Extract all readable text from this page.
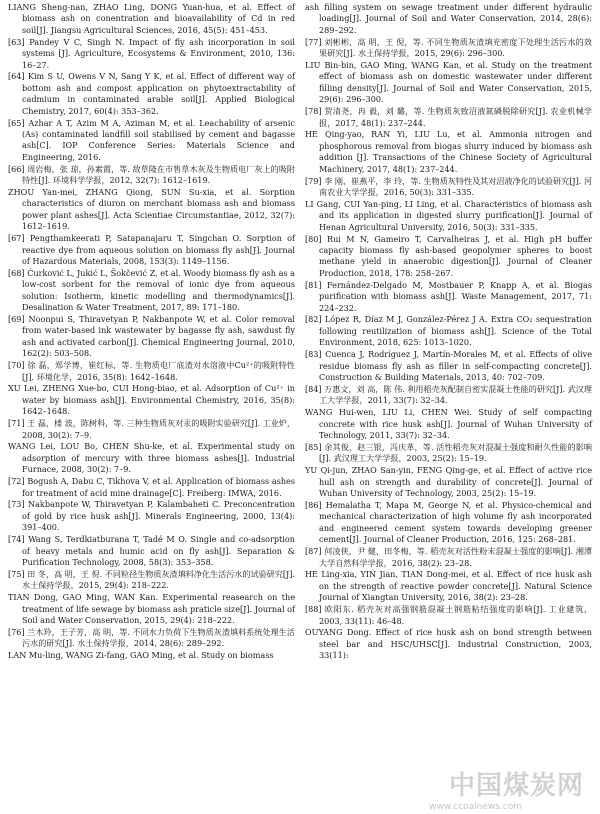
LIANG Sheng-nan, ZHAO Ling, DONG Yuan-hua, et al. Effect of biomass ash on conentration and bioavailability of Cd in red soil[J]. Jiangsu Agricultural Sciences, 2016, 45(5): 451–453.

[63] Pandey V C, Singh N. Impact of fly ash incorporation in soil systems [J]. Agriculture, Ecosystems & Environment, 2010, 136: 16–27.

[64] Kim S U, Owens V N, Sang Y K, et al. Effect of different way of bottom ash and compost application on phytoextractability of cadmium in contaminated arable soil[J]. Applied Biological Chemistry, 2017, 60(4): 353–362.

[65] Azhar A T, Azim M A, Aziman M, et al. Leachability of arsenic (As) contaminated landfill soil stabilised by cement and bagasse ash[C]. IOP Conference Series: Materials Science and Engineering, 2016.

[66] 周岩梅，张 琼，孙素霞，等. 敌草隆在市售草木灰及生物质电厂灰上的吸附特性[J]. 环境科学学报，2012, 32(7): 1612–1619.

ZHOU Yan-mei, ZHANG Qiong, SUN Su-xia, et al. Sorption characteristics of diuron on merchant biomass ash and biomass power plant ashes[J]. Acta Scientiae Circumstantiae, 2012, 32(7): 1612–1619.

[67] Pengthamkeerati P, Satapanajaru T, Singchan O. Sorption of reactive dye from aqueous solution on biomass fly ash[J]. Journal of Hazardous Materials, 2008, 153(3): 1149–1156.

[68] Ćurković L, Jukić L, Šokčević Z, et al. Woody biomass fly ash as a low-cost sorbent for the removal of ionic dye from aqueous solution: Isotherm, kinetic modelling and thermodynamics[J]. Desalination & Water Treatment, 2017, 89: 171–180.

[69] Noonpui S, Thiravetyan P, Nakbanpote W, et al. Color removal from water-based ink wastewater by bagasse fly ash, sawdust fly ash and activated carbon[J]. Chemical Engineering Journal, 2010, 162(2): 503–508.

[70] 徐 磊，郑学博，崔红标，等. 生物质电厂底渣对水溶液中Cu²⁺的吸附特性[J]. 环境化学，2016, 35(8): 1642–1648.

XU Lei, ZHENG Xue-bo, CUI Hong-biao, et al. Adsorption of Cu²⁺ in water by biomass ash[J]. Environmental Chemistry, 2016, 35(8): 1642–1648.

[71] 王 磊，楼 波，陈树科，等. 三种生物质灰对汞的吸附实验研究[J]. 工业炉，2008, 30(2): 7–9.

WANG Lei, LOU Bo, CHEN Shu-ke, et al. Experimental study on adsorption of mercury with three biomass ashes[J]. Industrial Furnace, 2008, 30(2): 7–9.

[72] Bogush A, Dabu C, Tikhova V, et al. Application of biomass ashes for treatment of acid mine drainage[C]. Freiberg: IMWA, 2016.

[73] Nakbanpote W, Thiravetyan P, Kalambaheti C. Preconcentration of gold by rice husk ash[J]. Minerals Engineering, 2000, 13(4): 391–400.

[74] Wang S, Terdkiatburana T, Tadé M O. Single and co-adsorption of heavy metals and humic acid on fly ash[J]. Separation & Purification Technology, 2008, 58(3): 353–358.

[75] 田 冬，高 明，王 倪. 不同粒径生物质灰渣填料净化生活污水的试验研究[J]. 水土保持学报，2015, 29(4): 218–222.

TIAN Dong, GAO Ming, WAN Kan. Experimental reasearch on the treatment of life sewage by biomass ash praticle size[J]. Journal of Soil and Water Conservation, 2015, 29(4): 218–222.

[76] 兰木羚，王子芳，高 明，等. 不同水力负荷下生物质灰渣填料系统处理生活污水的研究[J]. 水土保持学报，2014, 28(6): 289–292.

LAN Mu-ling, WANG Zi-fang, GAO Ming, et al. Study on biomass

ash filling system on sewage treatment under different hydraulic loading[J]. Journal of Soil and Water Conservation, 2014, 28(6): 289–292.

[77] 刘彬彬，高 明，王 倪，等. 不同生物质灰渣填充密度下处理生活污水的效果研究[J]. 水土保持学报，2015, 29(6): 296–300.

LIU Bin-bin, GAO Ming, WANG Kan, et al. Study on the treatment effect of biomass ash on domestic wastewater under different filling density[J]. Journal of Soil and Water Conservation, 2015, 29(6): 296–300.

[78] 贺清尧，冉 毅，刘 璐，等. 生物质灰致沼液氮磷脱除研究[J]. 农业机械学报，2017, 48(1): 237–244.

HE Qing-yao, RAN Yi, LIU Lu, et al. Ammonia nitrogen and phosphorous removal from biogas slurry induced by biomass ash addition [J]. Transactions of the Chinese Society of Agricultural Machinery, 2017, 48(1): 237–244.

[79] 李 刚，崔燕平，李 玲，等. 生物质灰特性及其对沼液净化的试验研究[J]. 河南农业大学学报，2016, 50(3): 331–335.

LI Gang, CUI Yan-ping, LI Ling, et al. Characteristics of biomass ash and its application in digested slurry purification[J]. Journal of Henan Agricultural University, 2016, 50(3): 331–335.

[80] Rui M N, Gameiro T, Carvalheiras J, et al. High pH buffer capacity biomass fly ash-based geopolymer spheres to boost methane yield in anaerobic digestion[J]. Journal of Cleaner Production, 2018, 178: 258–267.

[81] Fernández-Delgado M, Mostbauer P, Knapp A, et al. Biogas purification with biomass ash[J]. Waste Management, 2017, 71: 224–232.

[82] López R, Díaz M J, González-Pérez J A. Extra CO₂ sequestration following reutilization of biomass ash[J]. Science of the Total Environment, 2018, 625: 1013–1020.

[83] Cuenca J, Rodríguez J, Martín-Morales M, et al. Effects of olive residue biomass fly ash as filler in self-compacting concrete[J]. Construction & Building Materials, 2013, 40: 702–709.

[84] 万惠文，刘 高，陈 伟. 利用稻壳灰配制自密实混凝土性能的研究[J]. 武汉理工大学学报，2011, 33(7): 32–34.

WANG Hui-wen, LIU Li, CHEN Wei. Study of self compacting concrete with rice husk ash[J]. Journal of Wuhan University of Technology, 2011, 33(7): 32–34.

[85] 余其俊，赵三银，冯庆革，等. 活性稻壳灰对混凝土强度和耐久性能的影响[J]. 武汉理工大学学报，2003, 25(2): 15–19.

YU Qi-jun, ZHAO San-yin, FENG Qing-ge, et al. Effect of active rice hull ash on strength and durability of concrete[J]. Journal of Wuhan University of Technology, 2003, 25(2): 15–19.

[86] Hemalatha T, Mapa M, George N, et al. Physico-chemical and mechanical characterization of high volume fly ash incorporated and engineered cement system towards developing greener cement[J]. Journal of Cleaner Production, 2016, 125: 268–281.

[87] 何凌侠，尹 健，田冬梅，等. 稻壳灰对活性粉末混凝土强度的影响[J]. 湘潭大学自然科学学报，2016, 38(2): 23–28.

HE Ling-xia, YIN Jian, TIAN Dong-mei, et al. Effect of rice husk ash on the strength of reactive powder concrete[J]. Natural Science Journal of Xiangtan University, 2016, 38(2): 23–28.

[88] 欧阳东. 稻壳灰对高强钢筋混凝土钢筋粘结强度的影响[J]. 工业建筑，2003, 33(11): 46–48.

OUYANG Dong. Effect of rice husk ash on bond strength between steel bar and HSC/UHSC[J]. Industrial Construction, 2003, 33(11):

中国煤炭网
www.ccoalnews.com
